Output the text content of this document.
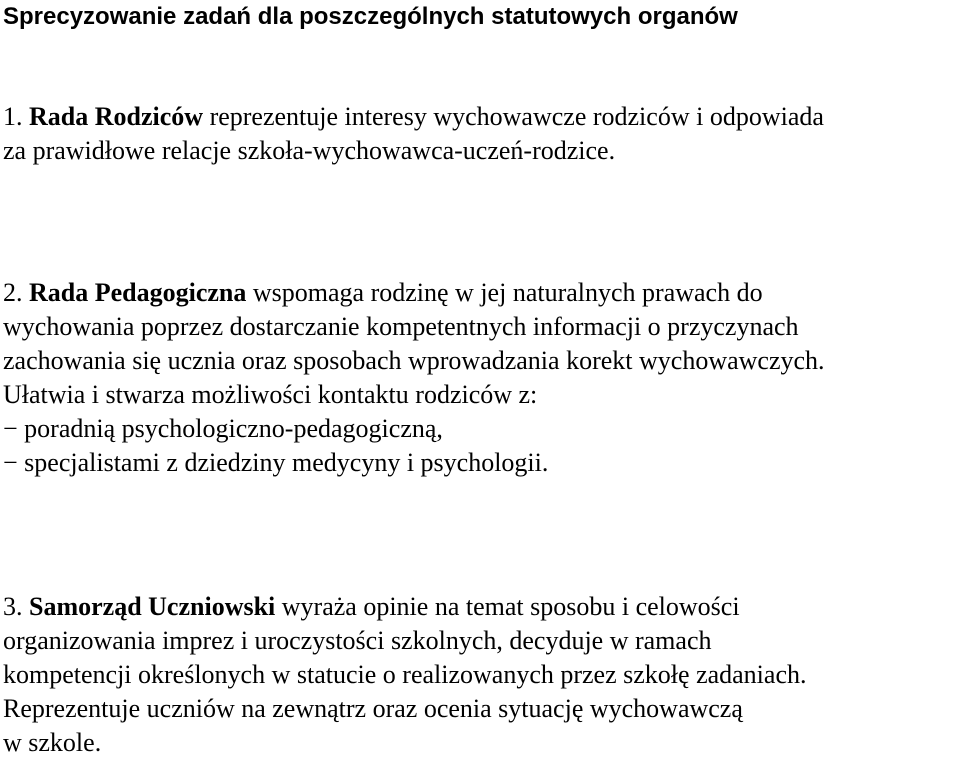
Sprecyzowanie zadań dla poszczególnych statutowych organów
1. Rada Rodziców reprezentuje interesy wychowawcze rodziców i odpowiada
za prawidłowe relacje szkoła-wychowawca-uczeń-rodzice.
2. Rada Pedagogiczna wspomaga rodzinę w jej naturalnych prawach do
wychowania poprzez dostarczanie kompetentnych informacji o przyczynach
zachowania się ucznia oraz sposobach wprowadzania korekt wychowawczych.
Ułatwia i stwarza możliwości kontaktu rodziców z:
− poradnią psychologiczno-pedagogiczną,
− specjalistami z dziedziny medycyny i psychologii.
3. Samorząd Uczniowski wyraża opinie na temat sposobu i celowości
organizowania imprez i uroczystości szkolnych, decyduje w ramach
kompetencji określonych w statucie o realizowanych przez szkołę zadaniach.
Reprezentuje uczniów na zewnątrz oraz ocenia sytuację wychowawczą
w szkole.
